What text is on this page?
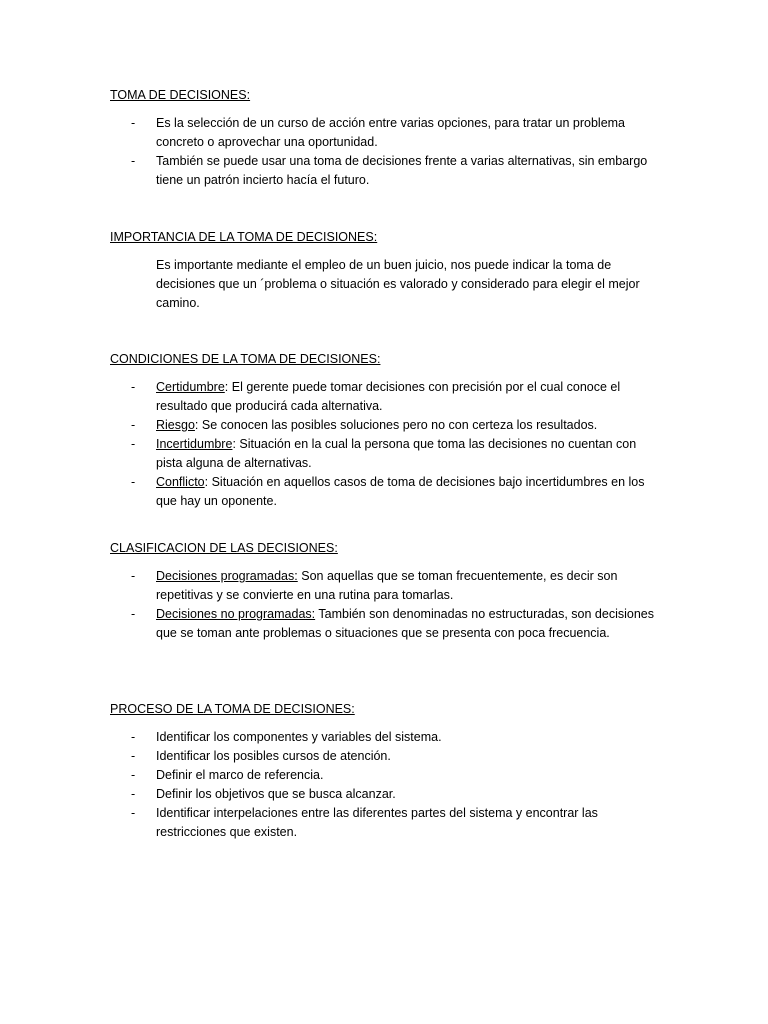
TOMA DE DECISIONES:
- Es la selección de un curso de acción entre varias opciones, para tratar un problema concreto o aprovechar una oportunidad.
- También se puede usar una toma de decisiones frente a varias alternativas, sin embargo tiene un patrón incierto hacía el futuro.
IMPORTANCIA DE LA TOMA DE DECISIONES:

Es importante mediante el empleo de un buen juicio, nos puede indicar la toma de decisiones que un ´problema o situación es valorado y considerado para elegir el mejor camino.

CONDICIONES DE LA TOMA DE DECISIONES:
- Certidumbre: El gerente puede tomar decisiones con precisión por el cual conoce el resultado que producirá cada alternativa.
- Riesgo: Se conocen las posibles soluciones pero no con certeza los resultados.
- Incertidumbre: Situación en la cual la persona que toma las decisiones no cuentan con pista alguna de alternativas.
- Conflicto: Situación en aquellos casos de toma de decisiones bajo incertidumbres en los que hay un oponente.
CLASIFICACION DE LAS DECISIONES:
- Decisiones programadas: Son aquellas que se toman frecuentemente, es decir son repetitivas y se convierte en una rutina para tomarlas.
- Decisiones no programadas: También son denominadas no estructuradas, son decisiones que se toman ante problemas o situaciones que se presenta con poca frecuencia.
PROCESO DE LA TOMA DE DECISIONES:
- Identificar los componentes y variables del sistema.
- Identificar los posibles cursos de atención.
- Definir el marco de referencia.
- Definir los objetivos que se busca alcanzar.
- Identificar interpelaciones entre las diferentes partes del sistema y encontrar las restricciones que existen.
